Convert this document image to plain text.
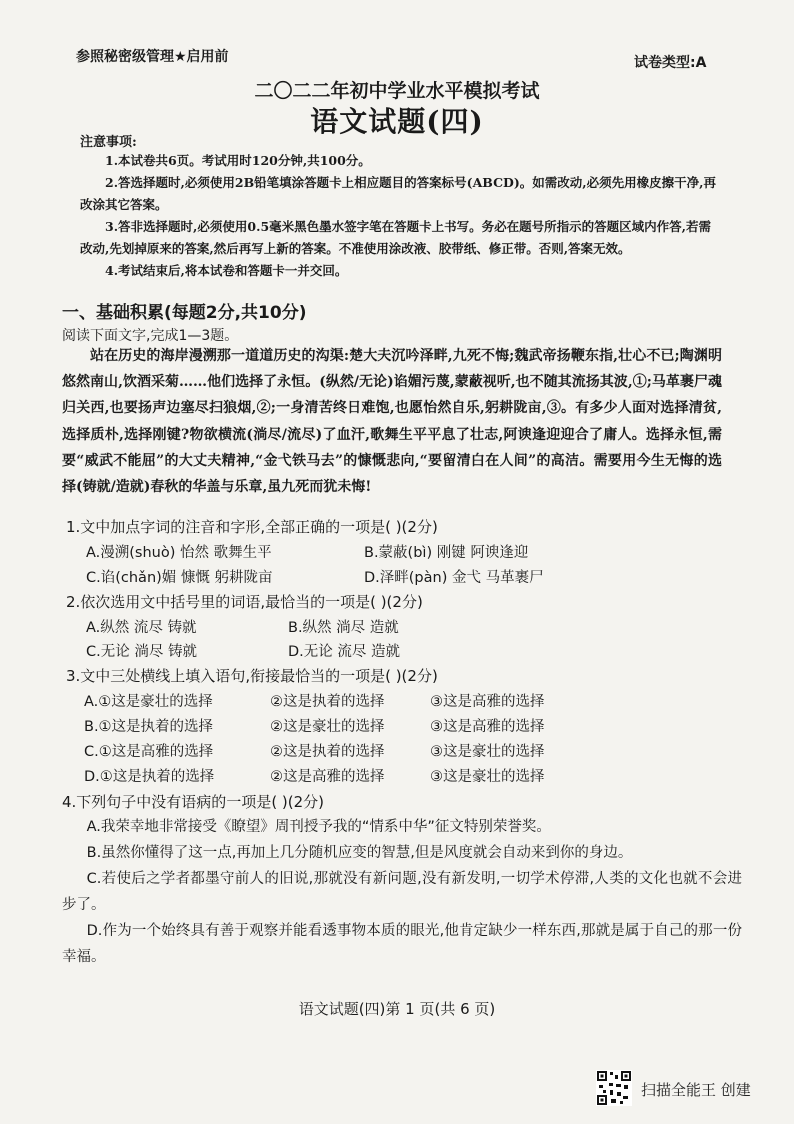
参照秘密级管理★启用前	试卷类型:A
二〇二二年初中学业水平模拟考试
语文试题(四)
注意事项:

1.本试卷共6页。考试用时120分钟,共100分。

2.答选择题时,必须使用2B铅笔填涂答题卡上相应题目的答案标号(ABCD)。如需改动,必须先用橡皮擦干净,再改涂其它答案。

3.答非选择题时,必须使用0.5毫米黑色墨水签字笔在答题卡上书写。务必在题号所指示的答题区域内作答,若需改动,先划掉原来的答案,然后再写上新的答案。不准使用涂改液、胶带纸、修正带。否则,答案无效。

4.考试结束后,将本试卷和答题卡一并交回。

一、基础积累(每题2分,共10分)
阅读下面文字,完成1—3题。

站在历史的海岸漫溯那一道道历史的沟渠:楚大夫沉吟泽畔,九死不悔;魏武帝扬鞭东指,壮心不已;陶渊明悠然南山,饮酒采菊……他们选择了永恒。(纵然/无论)谄媚污蔑,蒙蔽视听,也不随其流扬其波,①;马革裹尸魂归关西,也要扬声边塞尽扫狼烟,②;一身清苦终日难饱,也愿怡然自乐,躬耕陇亩,③。有多少人面对选择清贫,选择质朴,选择刚键?物欲横流(淌尽/流尽)了血汗,歌舞生平平息了壮志,阿谀逢迎迎合了庸人。选择永恒,需要“威武不能屈”的大丈夫精神,“金弋铁马去”的慷慨悲向,“要留清白在人间”的高洁。需要用今生无悔的选择(铸就/造就)春秋的华盖与乐章,虽九死而犹未悔!

1.文中加点字词的注音和字形,全部正确的一项是( )(2分)
A.漫溯(shuò) 怡然 歌舞生平	B.蒙蔽(bì) 刚键 阿谀逢迎
C.谄(chǎn)媚 慷慨 躬耕陇亩	D.泽畔(pàn) 金弋 马革裹尸
2.依次选用文中括号里的词语,最恰当的一项是( )(2分)
A.纵然 流尽 铸就	B.纵然 淌尽 造就
C.无论 淌尽 铸就	D.无论 流尽 造就
3.文中三处横线上填入语句,衔接最恰当的一项是( )(2分)
A.①这是豪壮的选择	②这是执着的选择	③这是高雅的选择
B.①这是执着的选择	②这是豪壮的选择	③这是高雅的选择
C.①这是高雅的选择	②这是执着的选择	③这是豪壮的选择
D.①这是执着的选择	②这是高雅的选择	③这是豪壮的选择
4.下列句子中没有语病的一项是( )(2分)

A.我荣幸地非常接受《瞭望》周刊授予我的“情系中华”征文特别荣誉奖。

B.虽然你懂得了这一点,再加上几分随机应变的智慧,但是风度就会自动来到你的身边。

C.若使后之学者都墨守前人的旧说,那就没有新问题,没有新发明,一切学术停滞,人类的文化也就不会进步了。

D.作为一个始终具有善于观察并能看透事物本质的眼光,他肯定缺少一样东西,那就是属于自己的那一份幸福。

语文试题(四)第 1 页(共 6 页)
扫描全能王 创建
